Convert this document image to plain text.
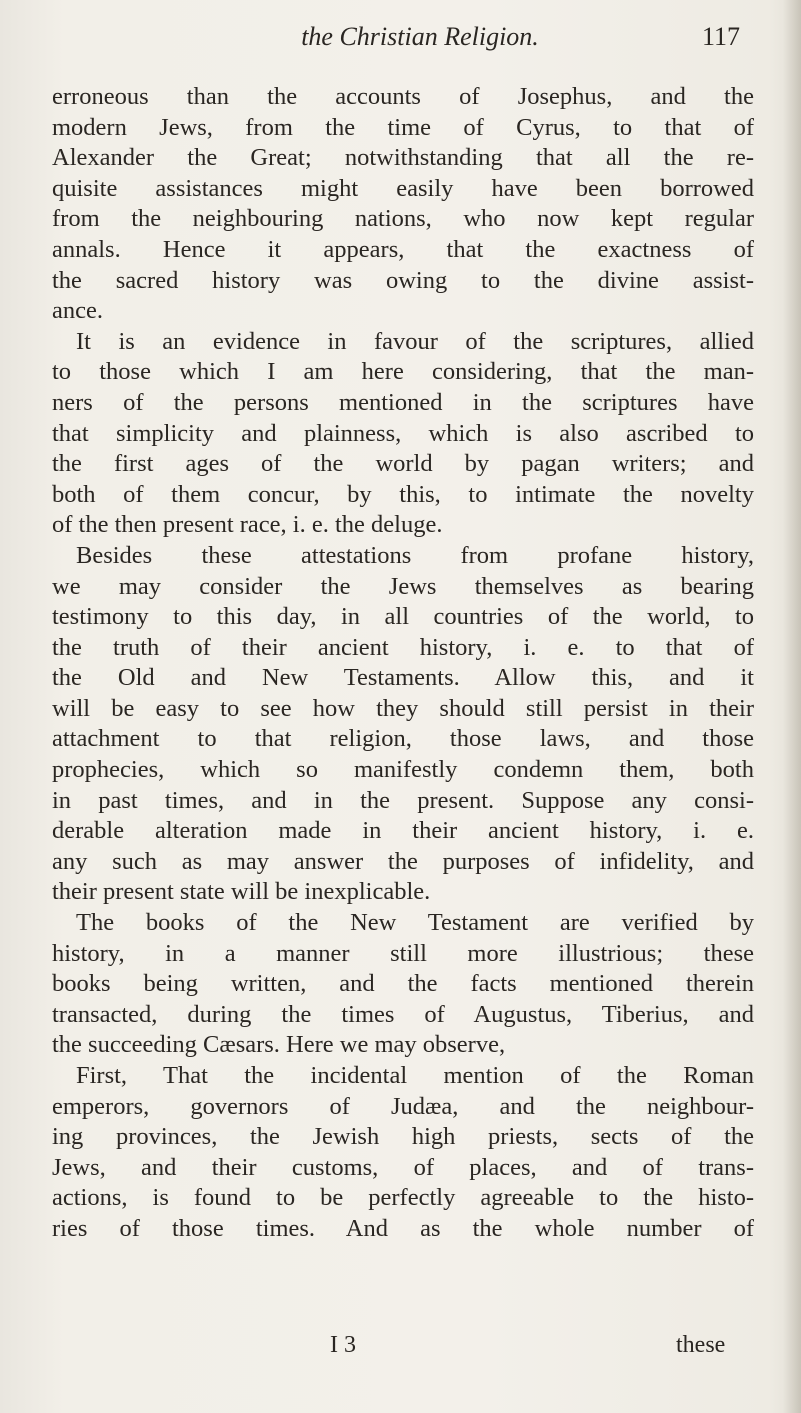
the Christian Religion.	117
erroneous than the accounts of Josephus, and the
modern Jews, from the time of Cyrus, to that of
Alexander the Great; notwithstanding that all the re-
quisite assistances might easily have been borrowed
from the neighbouring nations, who now kept regular
annals. Hence it appears, that the exactness of
the sacred history was owing to the divine assist-
ance.
It is an evidence in favour of the scriptures, allied
to those which I am here considering, that the man-
ners of the persons mentioned in the scriptures have
that simplicity and plainness, which is also ascribed to
the first ages of the world by pagan writers; and
both of them concur, by this, to intimate the novelty
of the then present race, i. e. the deluge.
Besides these attestations from profane history,
we may consider the Jews themselves as bearing
testimony to this day, in all countries of the world, to
the truth of their ancient history, i. e. to that of
the Old and New Testaments. Allow this, and it
will be easy to see how they should still persist in their
attachment to that religion, those laws, and those
prophecies, which so manifestly condemn them, both
in past times, and in the present. Suppose any consi-
derable alteration made in their ancient history, i. e.
any such as may answer the purposes of infidelity, and
their present state will be inexplicable.
The books of the New Testament are verified by
history, in a manner still more illustrious; these
books being written, and the facts mentioned therein
transacted, during the times of Augustus, Tiberius, and
the succeeding Cæsars. Here we may observe,
First, That the incidental mention of the Roman
emperors, governors of Judæa, and the neighbour-
ing provinces, the Jewish high priests, sects of the
Jews, and their customs, of places, and of trans-
actions, is found to be perfectly agreeable to the histo-
ries of those times. And as the whole number of
I 3	these
